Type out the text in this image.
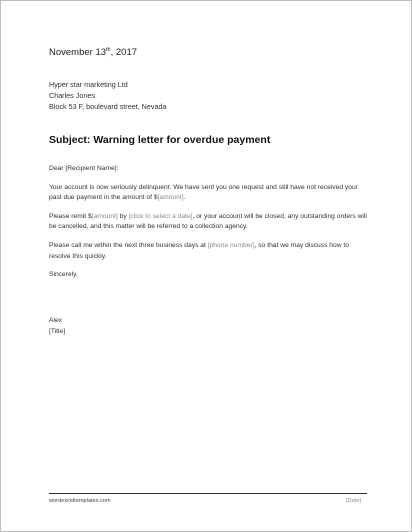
November 13th, 2017
Hyper star marketing Ltd
Charles Jones
Block 53 F, boulevard street, Nevada
Subject: Warning letter for overdue payment

Dear [Recipient Name]:

Your account is now seriously delinquent. We have sent you one request and still have not received your past due payment in the amount of $[amount].

Please remit $[amount] by [click to select a date], or your account will be closed, any outstanding orders will be cancelled, and this matter will be referred to a collection agency.

Please call me within the next three business days at [phone number], so that we may discuss how to resolve this quickly.

Sincerely,
Alex
[Title]
wordexceltemplates.com	[Date]
